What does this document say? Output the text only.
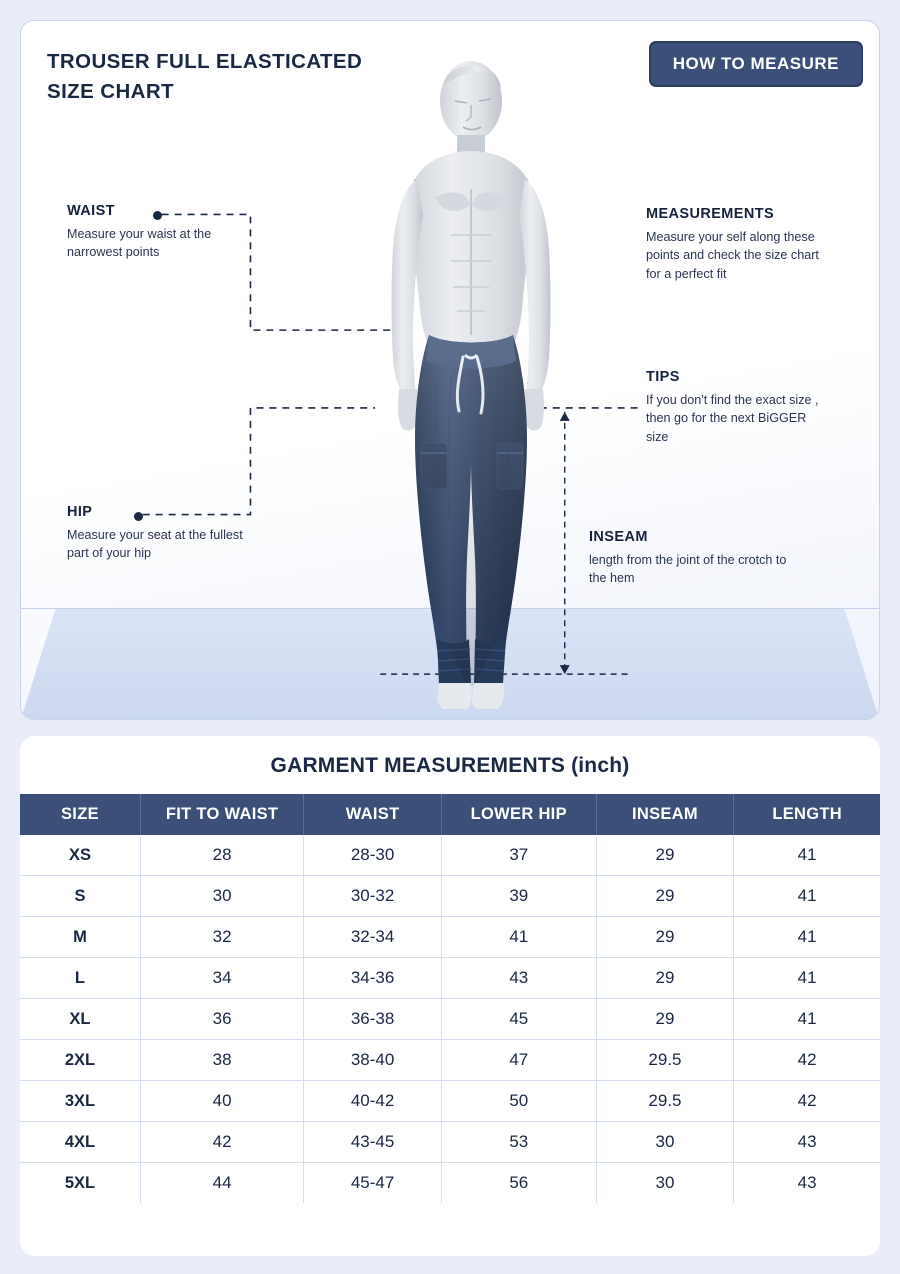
TROUSER FULL ELASTICATED SIZE CHART
HOW TO MEASURE
WAIST
Measure your waist at the narrowest points
HIP
Measure your seat at the fullest part of your hip
MEASUREMENTS
Measure your self along these points and check the size chart for a perfect fit
TIPS
If you don't find the exact size , then go for the next BiGGER size
INSEAM
length from the joint of the crotch to the hem
GARMENT MEASUREMENTS (inch)
SIZE	FIT TO WAIST	WAIST	LOWER HIP	INSEAM	LENGTH
XS	28	28-30	37	29	41
S	30	30-32	39	29	41
M	32	32-34	41	29	41
L	34	34-36	43	29	41
XL	36	36-38	45	29	41
2XL	38	38-40	47	29.5	42
3XL	40	40-42	50	29.5	42
4XL	42	43-45	53	30	43
5XL	44	45-47	56	30	43
